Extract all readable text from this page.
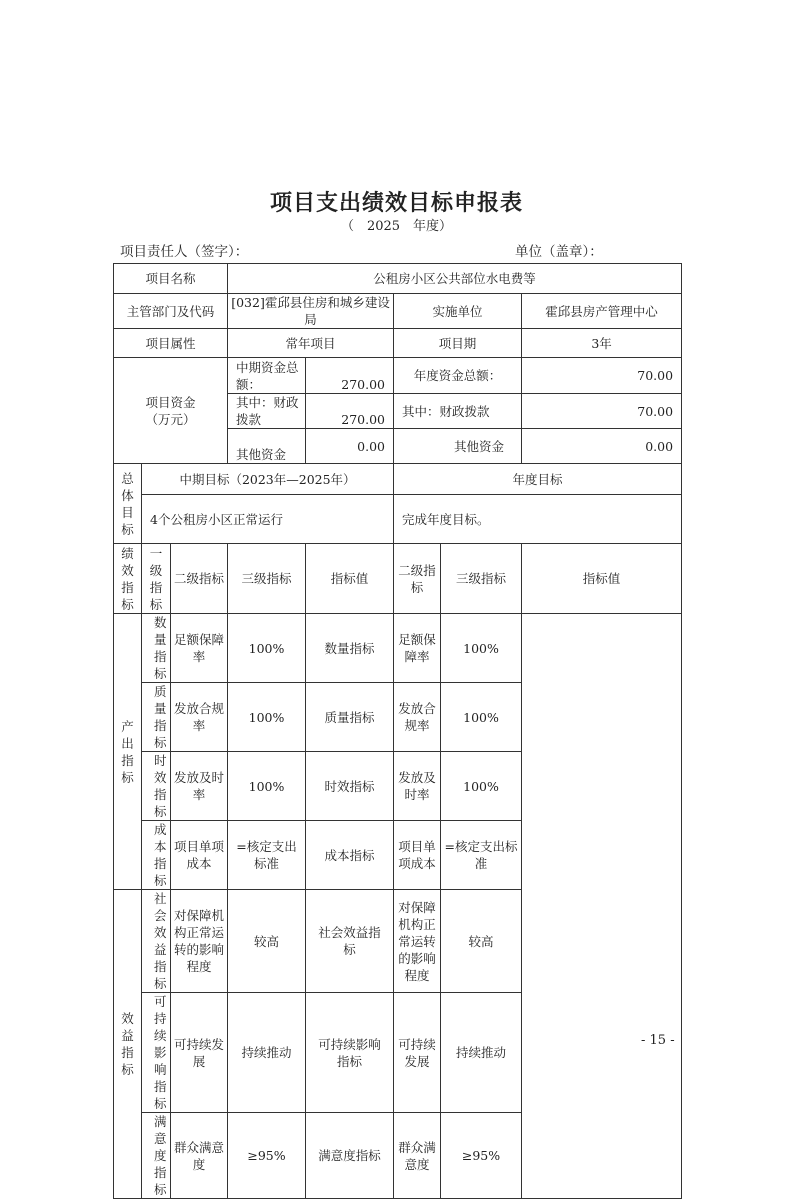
项目支出绩效目标申报表
（　2025　年度）
项目责任人（签字）：	单位（盖章）：
项目名称			公租房小区公共部位水电费等				
主管部门及代码			[032]霍邱县住房和城乡建设局		实施单位		霍邱县房产管理中心
项目属性			常年项目		项目期		3年
项目资金（万元）			中期资金总额：	270.00	年度资金总额：		70.00
			其中：财政拨款	270.00	其中：财政拨款		70.00
			其他资金	0.00	其他资金		0.00
总体目标	中期目标（2023年—2025年）				年度目标		
	4个公租房小区正常运行				完成年度目标。		
绩效指标	一级指标	二级指标	三级指标	指标值	二级指标	三级指标	指标值
产出指标	数量指标	足额保障率	100%	数量指标	足额保障率	100%	
	质量指标	发放合规率	100%	质量指标	发放合规率	100%	
	时效指标	发放及时率	100%	时效指标	发放及时率	100%	
	成本指标	项目单项成本	=核定支出标准	成本指标	项目单项成本	=核定支出标准	
效益指标	社会效益指标	对保障机构正常运转的影响程度	较高	社会效益指标	对保障机构正常运转的影响程度	较高	
	可持续影响指标	可持续发展	持续推动	可持续影响指标	可持续发展	持续推动	
	满意度指标	群众满意度	≥95%	满意度指标	群众满意度	≥95%	
- 15 -
